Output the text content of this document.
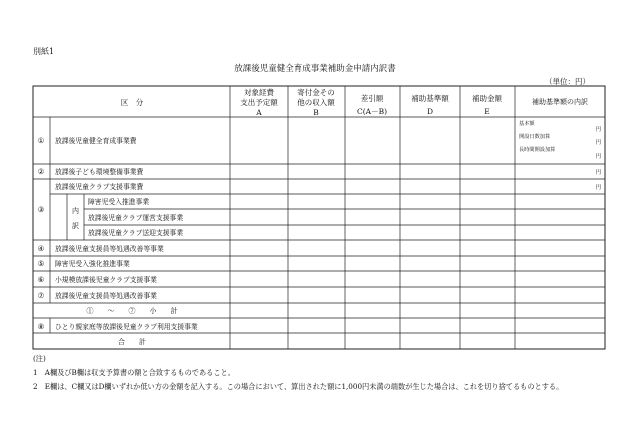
別紙1
放課後児童健全育成事業補助金申請内訳書
（単位：円）
区　分
対象経費
支出予定額
A
寄付金その
他の収入額
B
差引額
C(A－B)
補助基準額
D
補助金額
E
補助基準額の内訳
①
②
③
④
⑤
⑥
⑦
⑧
放課後児童健全育成事業費
放課後子ども環境整備事業費
放課後児童クラブ支援事業費
障害児受入推進事業
放課後児童クラブ運営支援事業
放課後児童クラブ送迎支援事業
放課後児童支援員等処遇改善等事業
障害児受入強化推進事業
小規模放課後児童クラブ支援事業
放課後児童支援員等処遇改善事業
ひとり親家庭等放課後児童クラブ利用支援事業
①　　～　　⑦　　小　　計
合　　計
内
訳
基本額
開設日数加算
長時間開設加算
円
円
円
円
円
(注)
1　A欄及びB欄は収支予算書の額と合致するものであること。
2　E欄は、C欄又はD欄いずれか低い方の金額を記入する。この場合において、算出された額に1,000円未満の端数が生じた場合は、これを切り捨てるものとする。
